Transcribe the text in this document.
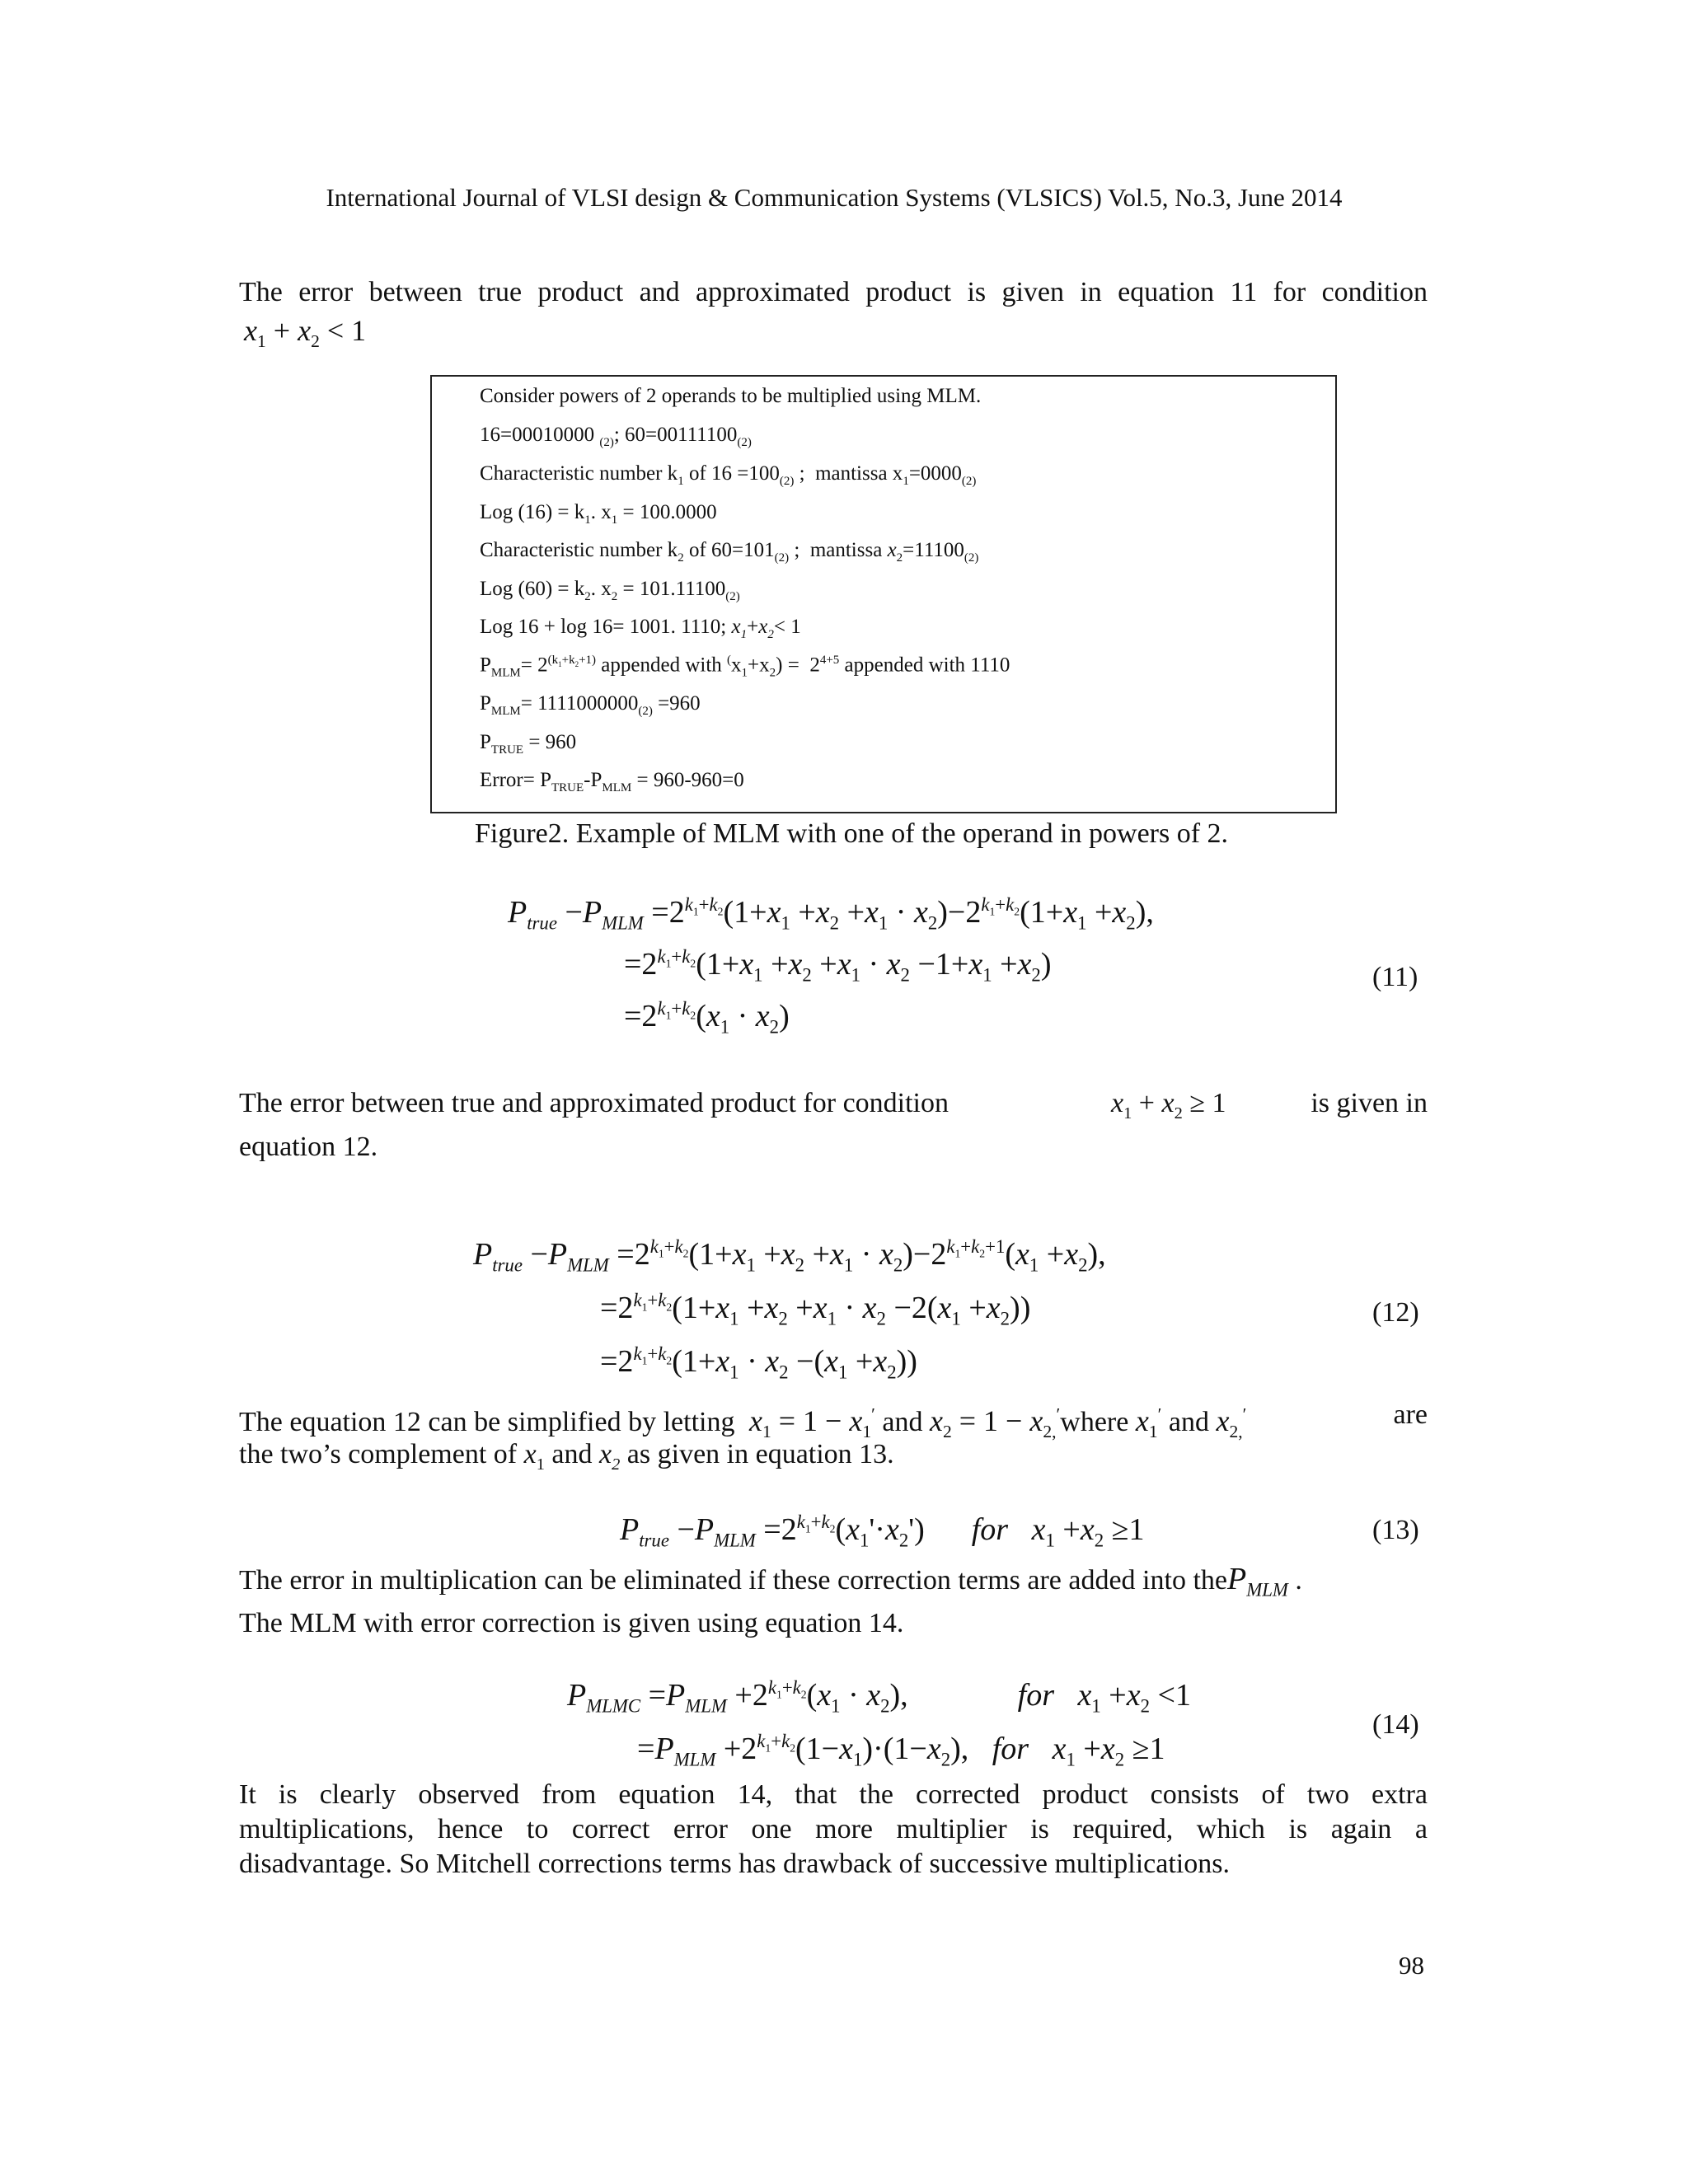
International Journal of VLSI design & Communication Systems (VLSICS) Vol.5, No.3, June 2014
The error between true product and approximated product is given in equation 11 for condition
$x_1 + x_2 < 1$
Consider powers of 2 operands to be multiplied using MLM.
16=00010000 $_{(2)}$; $60=00111100_{(2)}$
Characteristic number $k_1$ of $16 =100_{(2)}$ ;  mantissa $x_1=0000_{(2)}$
Log $(16) = k_1$. $x_1 = 100.0000$
Characteristic number $k_2$ of $60=101_{(2)}$ ;  mantissa $x_2=11100_{(2)}$
Log $(60) = k_2$. $x_2 = 101.11100_{(2)}$
Log 16 + log 16= 1001. 1110; $x_1+x_2< 1$
$P_{MLM}= 2^{(k_1+k_2+1)}$ appended with $^(x_1+x_2) = 2^{4+5}$ appended with 1110
$P_{MLM}= 1111000000_{(2)} =960$
$P_{TRUE} = 960$
Error= $P_{TRUE}-P_{MLM} = 960-960=0$
Figure2. Example of MLM with one of the operand in powers of 2.
$P_{true} -P_{MLM} =2^{k_1+k_2}(1+x_1 +x_2 +x_1 \cdot x_2)-2^{k_1+k_2}(1+x_1 +x_2)$,
$=2^{k_1+k_2}(1+x_1 +x_2 +x_1 \cdot x_2 -1+x_1 +x_2)$
$=2^{k_1+k_2}(x_1 \cdot x_2)$
(11)
The error between true and approximated product for condition	$x_1 + x_2 \ge 1$	is given in
equation 12.
$P_{true} -P_{MLM} =2^{k_1+k_2}(1+x_1 +x_2 +x_1 \cdot x_2)-2^{k_1+k_2+1}(x_1 +x_2)$,
$=2^{k_1+k_2}(1+x_1 +x_2 +x_1 \cdot x_2 -2(x_1 +x_2))$
$=2^{k_1+k_2}(1+x_1 \cdot x_2 -(x_1 +x_2))$
(12)
The equation 12 can be simplified by letting $x_1 = 1 - x_1'$ and $x_2 = 1$ − $x_{2,}'where$ $x_1'$ and $x_{2,}'$	are
the two’s complement of $x_1$ and $x_2$ as given in equation 13.
$P_{true} -P_{MLM} =2^{k_1+k_2}(x_1'\cdot x_2')$      for $x_1 +x_2 \ge 1$	(13)
The error in multiplication can be eliminated if these correction terms are added into theP$_{MLM}$ .
The MLM with error correction is given using equation 14.
$P_{MLMC} =P_{MLM} +2^{k_1+k_2}(x_1 \cdot x_2)$,              for $x_1 +x_2 <1$
$=P_{MLM} +2^{k_1+k_2}(1-x_1)\cdot(1-x_2)$,   for $x_1 +x_2 \ge 1$
(14)
It is clearly observed from equation 14, that the corrected product consists of two extra
multiplications, hence to correct error one more multiplier is required, which is again a
disadvantage. So Mitchell corrections terms has drawback of successive multiplications.
98
